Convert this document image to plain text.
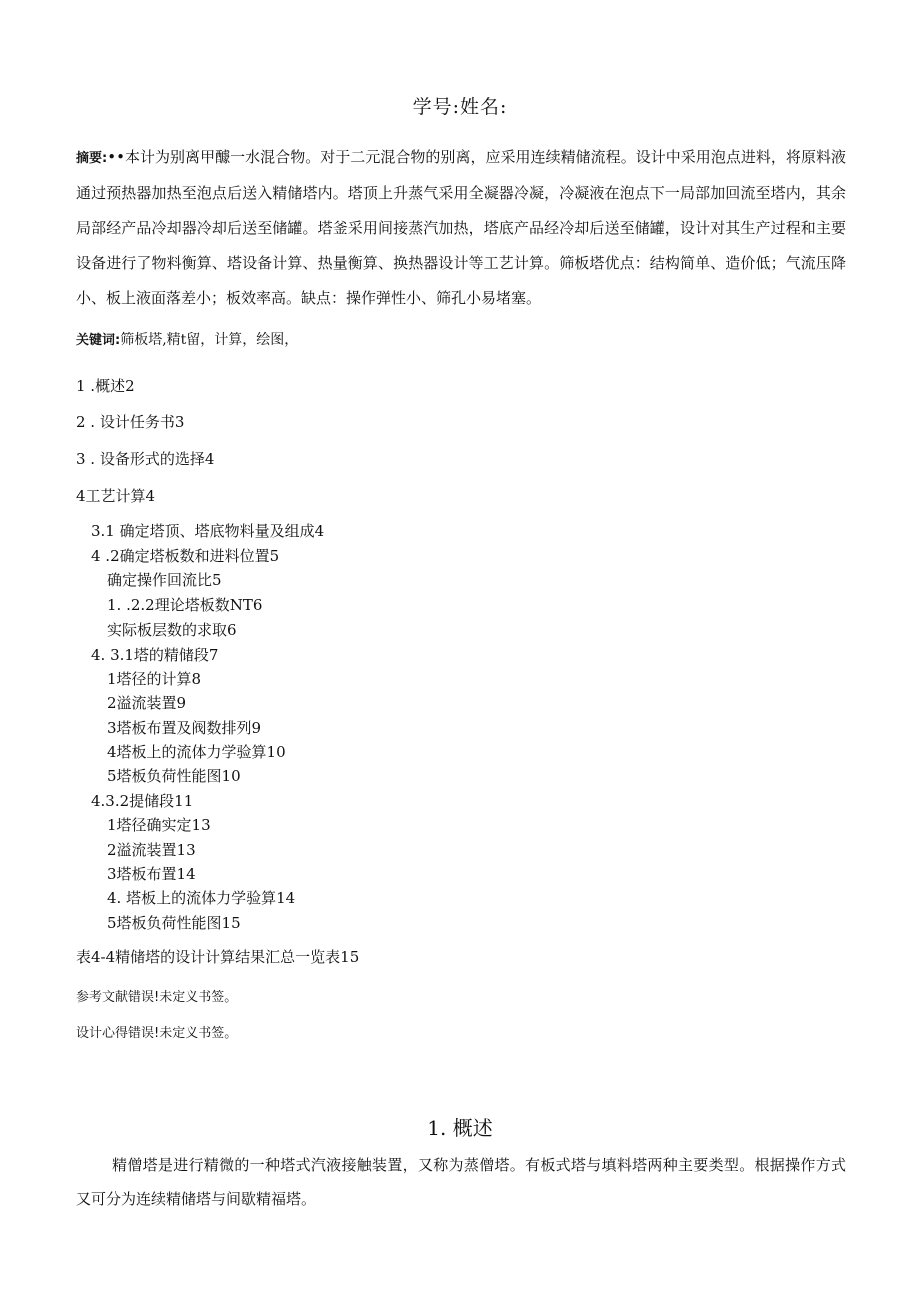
学号:姓名:
摘要:••本计为别离甲醵一水混合物。对于二元混合物的别离，应采用连续精储流程。设计中采用泡点进料，将原料液通过预热器加热至泡点后送入精储塔内。塔顶上升蒸气采用全凝器冷凝，冷凝液在泡点下一局部加回流至塔内，其余局部经产品冷却器冷却后送至储罐。塔釜采用间接蒸汽加热，塔底产品经冷却后送至储罐，设计对其生产过程和主要设备进行了物料衡算、塔设备计算、热量衡算、换热器设计等工艺计算。筛板塔优点：结构简单、造价低；气流压降小、板上液面落差小；板效率高。缺点：操作弹性小、筛孔小易堵塞。
关键词:筛板塔,精t留，计算，绘图，
1 .概述2
2 . 设计任务书3
3 . 设备形式的选择4
4工艺计算4
3.1 确定塔顶、塔底物料量及组成4
4 .2确定塔板数和进料位置5
确定操作回流比5
1. .2.2理论塔板数NT6
实际板层数的求取6
4. 3.1塔的精储段7
1塔径的计算8
2溢流装置9
3塔板布置及阀数排列9
4塔板上的流体力学验算10
5塔板负荷性能图10
4.3.2提储段11
1塔径确实定13
2溢流装置13
3塔板布置14
4. 塔板上的流体力学验算14
5塔板负荷性能图15
表4-4精储塔的设计计算结果汇总一览表15
参考文献错误!未定义书签。
设计心得错误!未定义书签。
1. 概述
精僧塔是进行精微的一种塔式汽液接触装置，又称为蒸僧塔。有板式塔与填料塔两种主要类型。根据操作方式又可分为连续精储塔与间歇精福塔。
